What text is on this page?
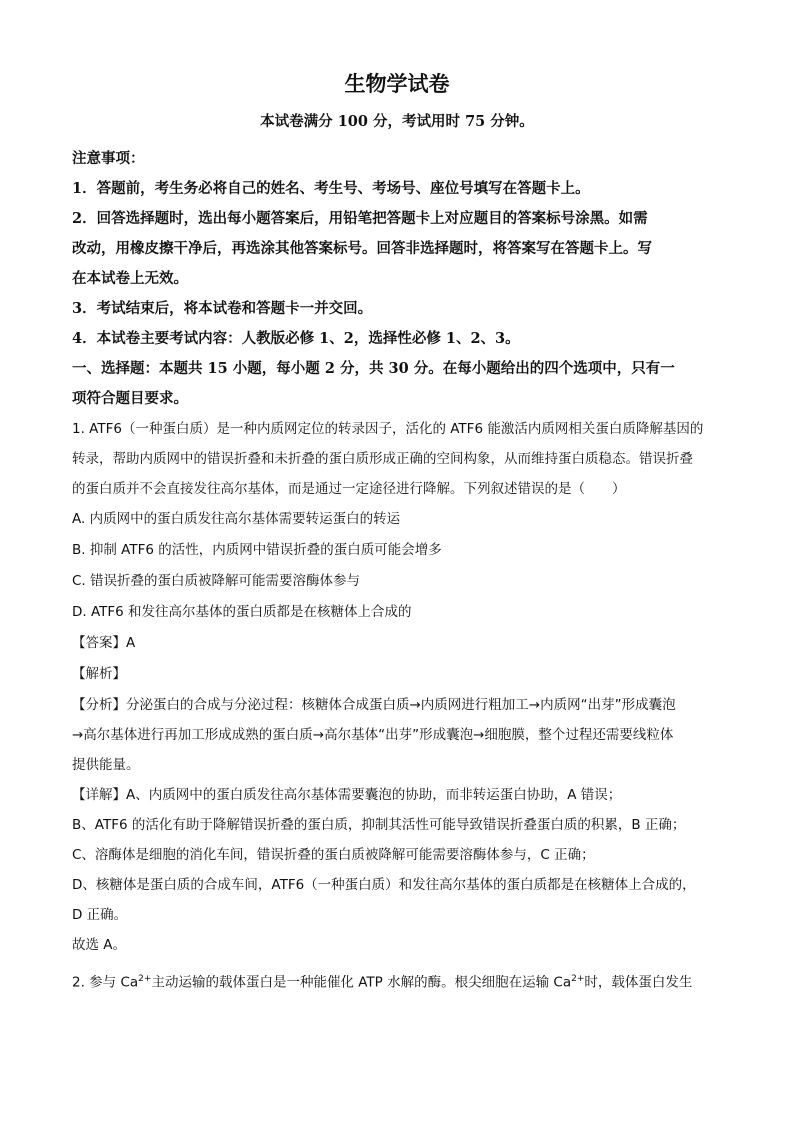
生物学试卷
本试卷满分 100 分，考试用时 75 分钟。

注意事项：

1．答题前，考生务必将自己的姓名、考生号、考场号、座位号填写在答题卡上。

2．回答选择题时，选出每小题答案后，用铅笔把答题卡上对应题目的答案标号涂黑。如需

改动，用橡皮擦干净后，再选涂其他答案标号。回答非选择题时，将答案写在答题卡上。写

在本试卷上无效。

3．考试结束后，将本试卷和答题卡一并交回。

4．本试卷主要考试内容：人教版必修 1、2，选择性必修 1、2、3。

一、选择题：本题共 15 小题，每小题 2 分，共 30 分。在每小题给出的四个选项中，只有一

项符合题目要求。

1. ATF6（一种蛋白质）是一种内质网定位的转录因子，活化的 ATF6 能激活内质网相关蛋白质降解基因的

转录，帮助内质网中的错误折叠和未折叠的蛋白质形成正确的空间构象，从而维持蛋白质稳态。错误折叠

的蛋白质并不会直接发往高尔基体，而是通过一定途径进行降解。下列叙述错误的是（　　）

A. 内质网中的蛋白质发往高尔基体需要转运蛋白的转运

B. 抑制 ATF6 的活性，内质网中错误折叠的蛋白质可能会增多

C. 错误折叠的蛋白质被降解可能需要溶酶体参与

D. ATF6 和发往高尔基体的蛋白质都是在核糖体上合成的

【答案】A

【解析】

【分析】分泌蛋白的合成与分泌过程：核糖体合成蛋白质→内质网进行粗加工→内质网“出芽”形成囊泡

→高尔基体进行再加工形成成熟的蛋白质→高尔基体“出芽”形成囊泡→细胞膜，整个过程还需要线粒体

提供能量。

【详解】A、内质网中的蛋白质发往高尔基体需要囊泡的协助，而非转运蛋白协助，A 错误；

B、ATF6 的活化有助于降解错误折叠的蛋白质，抑制其活性可能导致错误折叠蛋白质的积累，B 正确；

C、溶酶体是细胞的消化车间，错误折叠的蛋白质被降解可能需要溶酶体参与，C 正确；

D、核糖体是蛋白质的合成车间，ATF6（一种蛋白质）和发往高尔基体的蛋白质都是在核糖体上合成的，

D 正确。

故选 A。

2. 参与 $Ca^{2+}$主动运输的载体蛋白是一种能催化 ATP 水解的酶。根尖细胞在运输 $Ca^{2+}$时，载体蛋白发生
